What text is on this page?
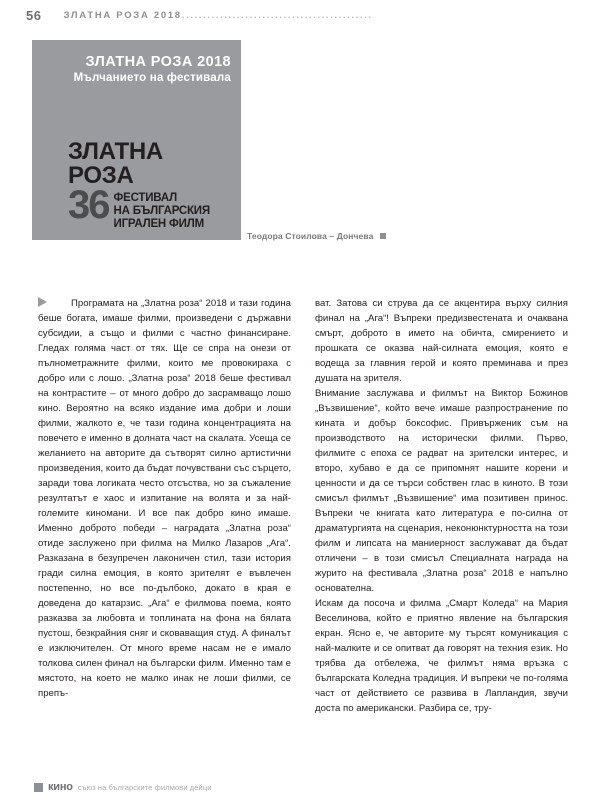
56 ЗЛАТНА РОЗА 2018.............................................
ЗЛАТНА РОЗА 2018
Мълчанието на фестивала
ЗЛАТНА РОЗА
36 ФЕСТИВАЛ
НА БЪЛГАРСКИЯ
ИГРАЛЕН ФИЛМ
Теодора Стоилова – Дончева

Програмата на „Златна роза“ 2018 и тази година беше богата, имаше филми, произведени с държавни субсидии, а също и филми с частно финансиране. Гледах голяма част от тях. Ще се спра на онези от пълнометражните филми, които ме провокираха с добро или с лошо. „Златна роза“ 2018 беше фестивал на контрастите – от много добро до засрамващо лошо кино. Вероятно на всяко издание има добри и лоши филми, жалкото е, че тази година концентрацията на повечето е именно в долната част на скалата. Усеща се желанието на авторите да сътворят силно артистични произведения, които да бъдат почувствани със сърцето, заради това логиката често отсъства, но за съжаление резултатът е хаос и изпитание на волята и за най-големите киномани. И все пак добро кино имаше. Именно доброто победи – наградата „Златна роза“ отиде заслужено при филма на Милко Лазаров „Ага“. Разказана в безупречен лаконичен стил, тази история гради силна емоция, в която зрителят е въвлечен постепенно, но все по-дълбоко, докато в края е доведена до катарзис. „Ага“ е филмова поема, която разказва за любовта и топлината на фона на бялата пустош, безкрайния сняг и сковаващия студ. А финалът е изключителен. От много време насам не е имало толкова силен финал на български филм. Именно там е мястото, на което не малко инак не лоши филми, се препъ-

ват. Затова си струва да се акцентира върху силния финал на „Ага“! Въпреки предизвестената и очаквана смърт, доброто в името на обичта, смирението и прошката се оказва най-силната емоция, която е водеща за главния герой и която преминава и през душата на зрителя.

Внимание заслужава и филмът на Виктор Божинов „Възвишение“, който вече имаше разпространение по кината и добър боксофис. Привърженик съм на производството на исторически филми. Първо, филмите с епоха се радват на зрителски интерес, и второ, хубаво е да се припомнят нашите корени и ценности и да се търси собствен глас в киното. В този смисъл филмът „Възвишение“ има позитивен принос. Въпреки че книгата като литература е по-силна от драматургията на сценария, неконюнктурността на този филм и липсата на маниерност заслужават да бъдат отличени – в този смисъл Специалната награда на журито на фестивала „Златна роза“ 2018 е напълно основателна.

Искам да посоча и филма „Смарт Коледа“ на Мария Веселинова, който е приятно явление на българския екран. Ясно е, че авторите му търсят комуникация с най-малките и се опитват да говорят на техния език. Но трябва да отбележа, че филмът няма връзка с българската Коледна традиция. И въпреки че по-голяма част от действието се развива в Лапландия, звучи доста по американски. Разбира се, тру-

кино съюз на българските филмови дейци
